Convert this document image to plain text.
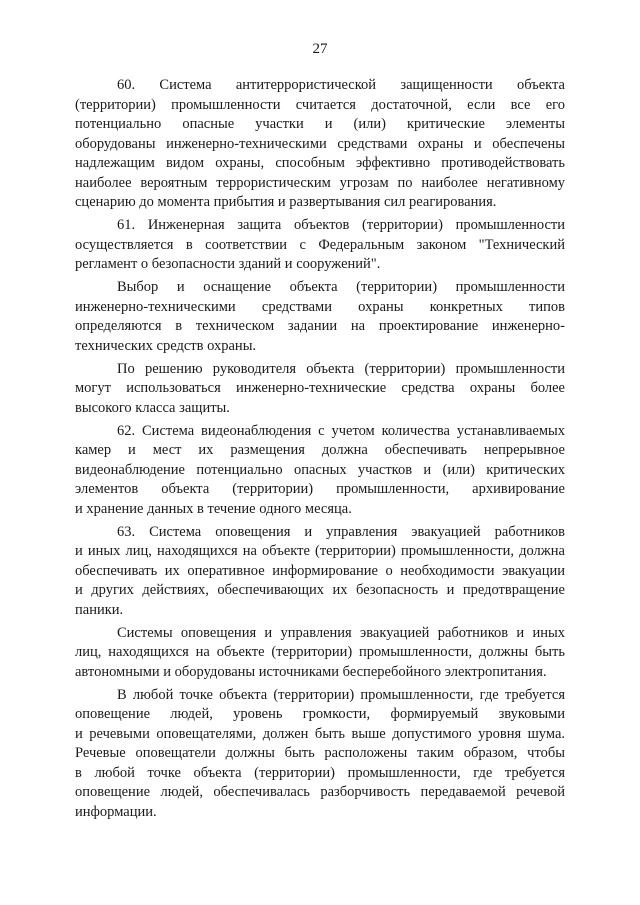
27
60. Система антитеррористической защищенности объекта
(территории) промышленности считается достаточной, если все его
потенциально опасные участки и (или) критические элементы
оборудованы инженерно-техническими средствами охраны и обеспечены
надлежащим видом охраны, способным эффективно противодействовать
наиболее вероятным террористическим угрозам по наиболее негативному
сценарию до момента прибытия и развертывания сил реагирования.
61. Инженерная защита объектов (территории) промышленности
осуществляется в соответствии с Федеральным законом "Технический
регламент о безопасности зданий и сооружений".
Выбор и оснащение объекта (территории) промышленности
инженерно-техническими средствами охраны конкретных типов
определяются в техническом задании на проектирование инженерно-
технических средств охраны.
По решению руководителя объекта (территории) промышленности
могут использоваться инженерно-технические средства охраны более
высокого класса защиты.
62. Система видеонаблюдения с учетом количества устанавливаемых
камер и мест их размещения должна обеспечивать непрерывное
видеонаблюдение потенциально опасных участков и (или) критических
элементов объекта (территории) промышленности, архивирование
и хранение данных в течение одного месяца.
63. Система оповещения и управления эвакуацией работников
и иных лиц, находящихся на объекте (территории) промышленности, должна
обеспечивать их оперативное информирование о необходимости эвакуации
и других действиях, обеспечивающих их безопасность и предотвращение
паники.
Системы оповещения и управления эвакуацией работников и иных
лиц, находящихся на объекте (территории) промышленности, должны быть
автономными и оборудованы источниками бесперебойного электропитания.
В любой точке объекта (территории) промышленности, где требуется
оповещение людей, уровень громкости, формируемый звуковыми
и речевыми оповещателями, должен быть выше допустимого уровня шума.
Речевые оповещатели должны быть расположены таким образом, чтобы
в любой точке объекта (территории) промышленности, где требуется
оповещение людей, обеспечивалась разборчивость передаваемой речевой
информации.
